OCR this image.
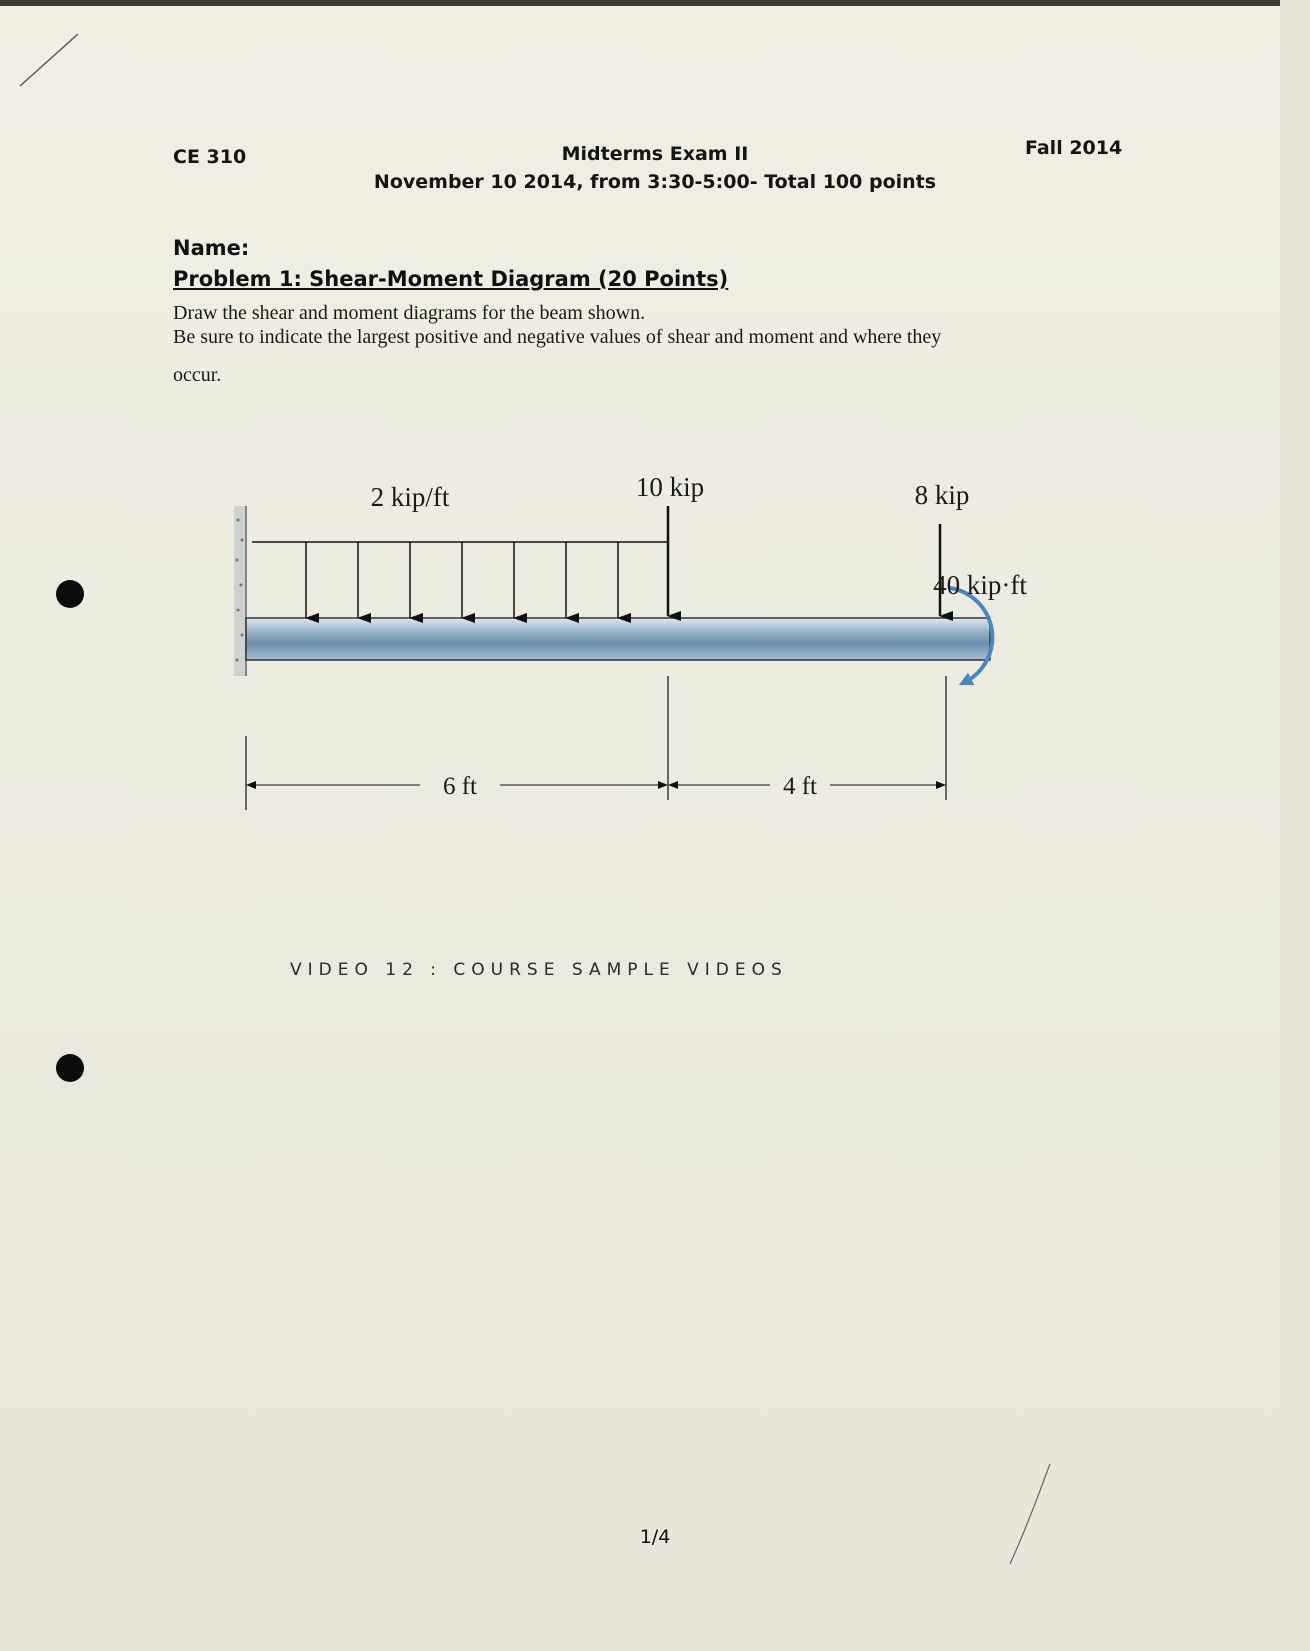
CE 310	Midterms Exam II
November 10 2014, from 3:30-5:00- Total 100 points
Fall 2014
Name:
Problem 1: Shear-Moment Diagram (20 Points)
Draw the shear and moment diagrams for the beam shown.
Be sure to indicate the largest positive and negative values of shear and moment and where they
occur.
2 kip/ft	10 kip	8 kip
40 kip·ft
6 ft	4 ft
VIDEO 12 : COURSE SAMPLE VIDEOS
1/4
